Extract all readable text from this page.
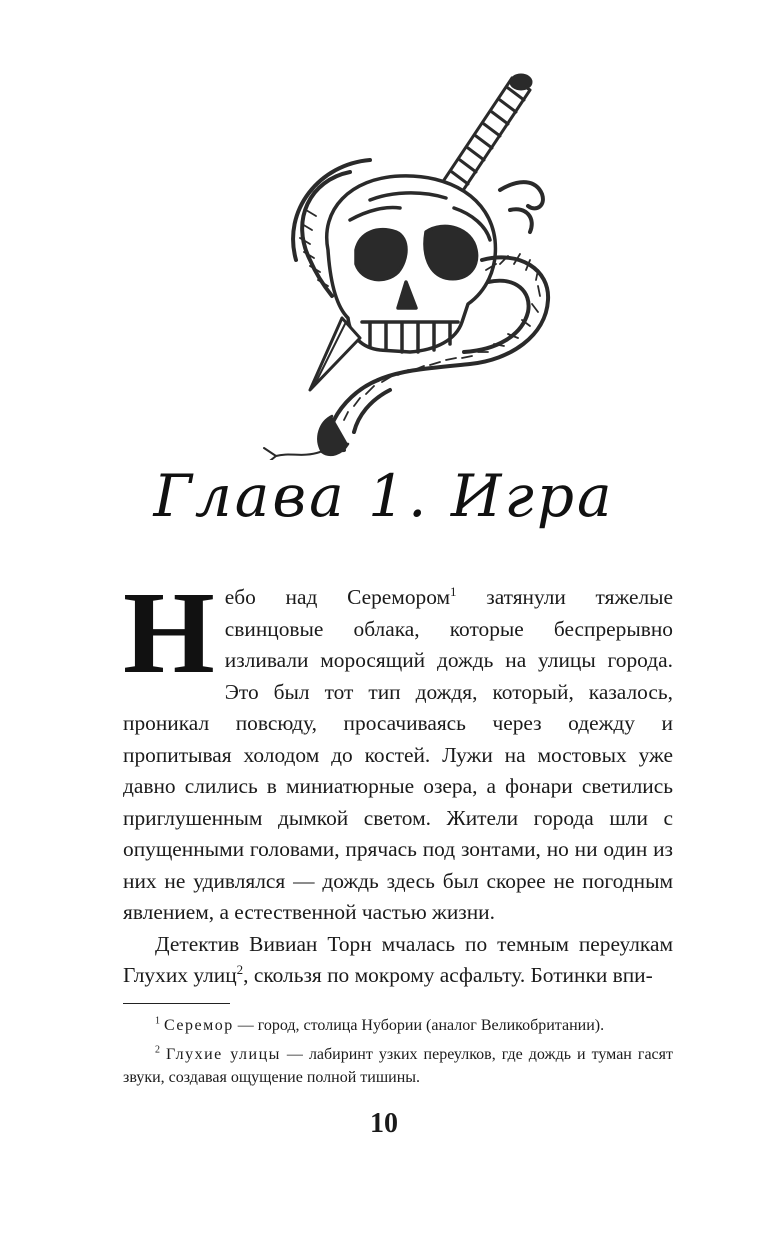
Глава 1. Игра

Небо над Серемором$^1$ затянули тяжелые свинцовые облака, которые беспрерывно изливали моросящий дождь на улицы города. Это был тот тип дождя, который, казалось, проникал повсюду, просачиваясь через одежду и пропитывая холодом до костей. Лужи на мостовых уже давно слились в миниатюрные озера, а фонари светились приглушенным дымкой светом. Жители города шли с опущенными головами, прячась под зонтами, но ни один из них не удивлялся — дождь здесь был скорее не погодным явлением, а естественной частью жизни.

Детектив Вивиан Торн мчалась по темным переулкам Глухих улиц$^2$, скользя по мокрому асфальту. Ботинки впи-

$^1$ Серемор — город, столица Нубории (аналог Великобритании).

$^2$ Глухие улицы — лабиринт узких переулков, где дождь и туман гасят звуки, создавая ощущение полной тишины.

10
